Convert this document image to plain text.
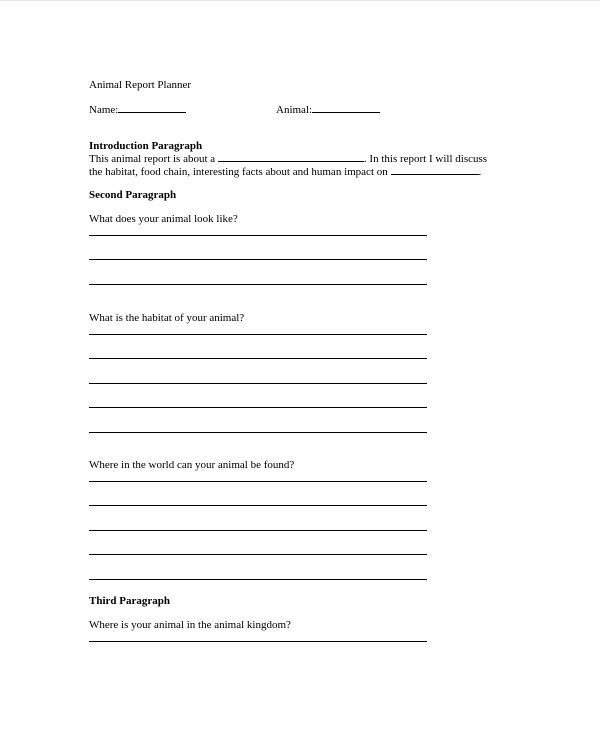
Animal Report Planner
Name:	Animal:
Introduction Paragraph
This animal report is about a	. In this report I will discuss
the habitat, food chain, interesting facts about and human impact on	.
Second Paragraph
What does your animal look like?
What is the habitat of your animal?
Where in the world can your animal be found?
Third Paragraph
Where is your animal in the animal kingdom?
